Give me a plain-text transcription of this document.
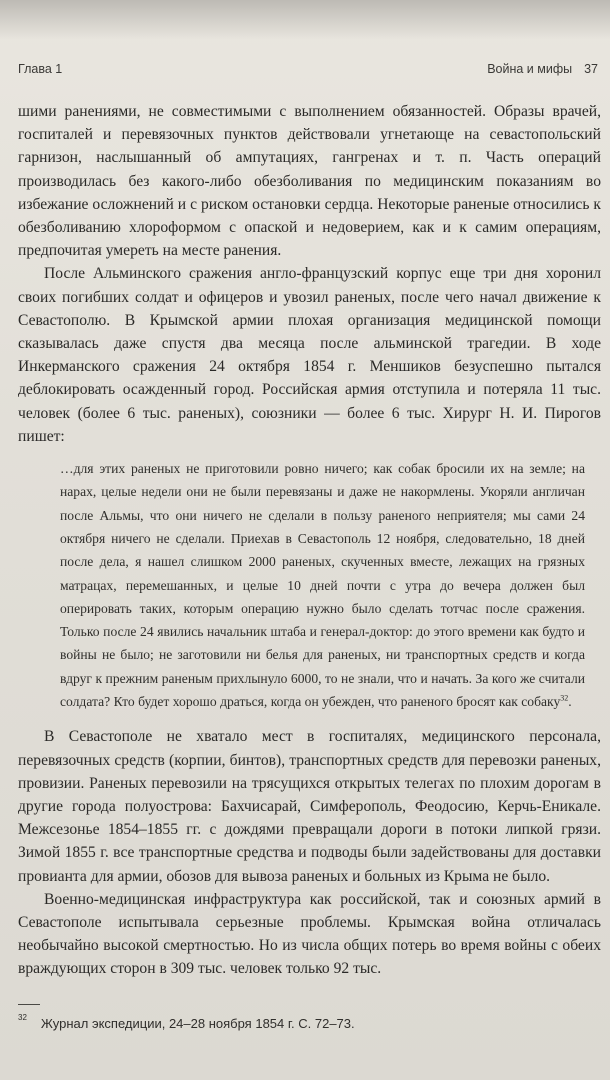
Глава 1	Война и мифы 37

шими ранениями, не совместимыми с выполнением обязанностей. Образы врачей, госпиталей и перевязочных пунктов действовали угнетающе на севастопольский гарнизон, наслышанный об ампутациях, гангренах и т. п. Часть операций производилась без какого-либо обезболивания по медицинским показаниям во избежание осложнений и с риском остановки сердца. Некоторые раненые относились к обезболиванию хлороформом с опаской и недоверием, как и к самим операциям, предпочитая умереть на месте ранения.

После Альминского сражения англо-французский корпус еще три дня хоронил своих погибших солдат и офицеров и увозил раненых, после чего начал движение к Севастополю. В Крымской армии плохая организация медицинской помощи сказывалась даже спустя два месяца после альминской трагедии. В ходе Инкерманского сражения 24 октября 1854 г. Меншиков безуспешно пытался деблокировать осажденный город. Российская армия отступила и потеряла 11 тыс. человек (более 6 тыс. раненых), союзники — более 6 тыс. Хирург Н. И. Пирогов пишет:

…для этих раненых не приготовили ровно ничего; как собак бросили их на земле; на нарах, целые недели они не были перевязаны и даже не накормлены. Укоряли англичан после Альмы, что они ничего не сделали в пользу раненого неприятеля; мы сами 24 октября ничего не сделали. Приехав в Севастополь 12 ноября, следовательно, 18 дней после дела, я нашел слишком 2000 раненых, скученных вместе, лежащих на грязных матрацах, перемешанных, и целые 10 дней почти с утра до вечера должен был оперировать таких, которым операцию нужно было сделать тотчас после сражения. Только после 24 явились начальник штаба и генерал-доктор: до этого времени как будто и войны не было; не заготовили ни белья для раненых, ни транспортных средств и когда вдруг к прежним раненым прихлынуло 6000, то не знали, что и начать. За кого же считали солдата? Кто будет хорошо драться, когда он убежден, что раненого бросят как собаку$^{32}$.

В Севастополе не хватало мест в госпиталях, медицинского персонала, перевязочных средств (корпии, бинтов), транспортных средств для перевозки раненых, провизии. Раненых перевозили на трясущихся открытых телегах по плохим дорогам в другие города полуострова: Бахчисарай, Симферополь, Феодосию, Керчь-Еникале. Межсезонье 1854–1855 гг. с дождями превращали дороги в потоки липкой грязи. Зимой 1855 г. все транспортные средства и подводы были задействованы для доставки провианта для армии, обозов для вывоза раненых и больных из Крыма не было.

Военно-медицинская инфраструктура как российской, так и союзных армий в Севастополе испытывала серьезные проблемы. Крымская война отличалась необычайно высокой смертностью. Но из числа общих потерь во время войны с обеих враждующих сторон в 309 тыс. человек только 92 тыс.

$^{32}$ Журнал экспедиции, 24–28 ноября 1854 г. С. 72–73.
